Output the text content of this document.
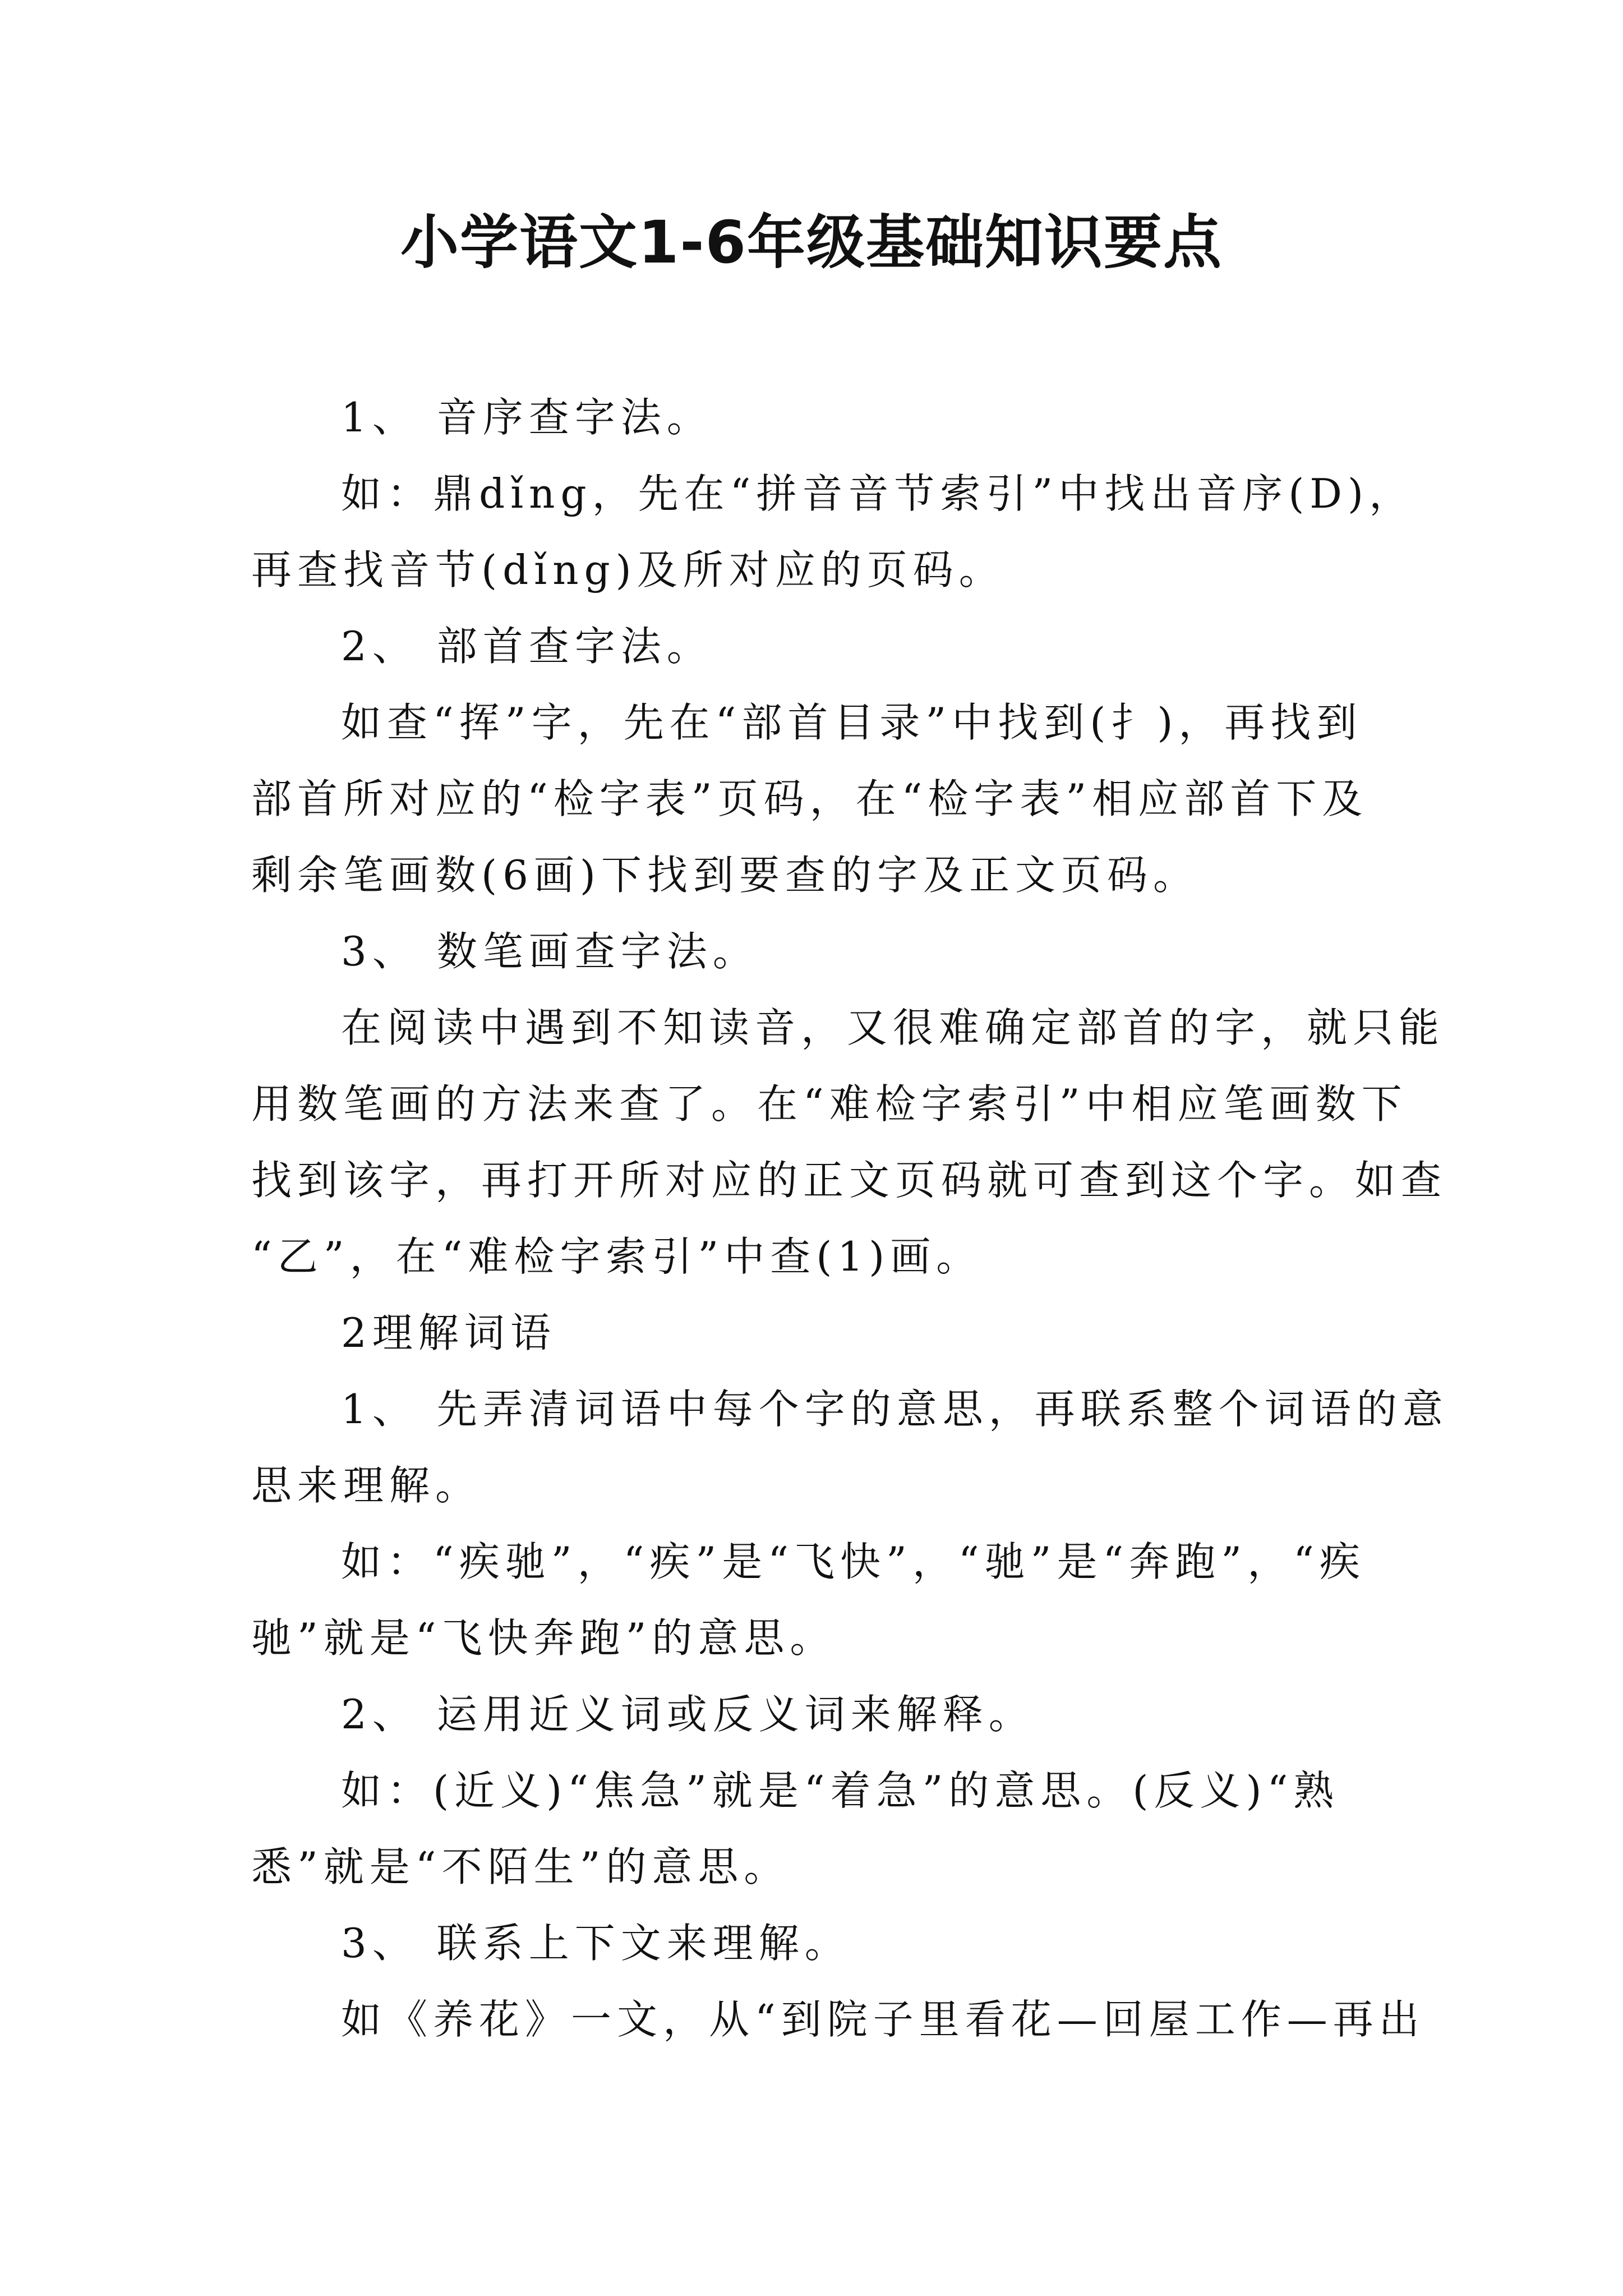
小学语文1-6年级基础知识要点
1、 音序查字法。
如：鼎dǐng，先在“拼音音节索引”中找出音序(D)，
再查找音节(dǐng)及所对应的页码。
2、 部首查字法。
如查“挥”字，先在“部首目录”中找到(扌)，再找到
部首所对应的“检字表”页码，在“检字表”相应部首下及
剩余笔画数(6画)下找到要查的字及正文页码。
3、 数笔画查字法。
在阅读中遇到不知读音，又很难确定部首的字，就只能
用数笔画的方法来查了。在“难检字索引”中相应笔画数下
找到该字，再打开所对应的正文页码就可查到这个字。如查
“乙”，在“难检字索引”中查(1)画。
2理解词语
1、 先弄清词语中每个字的意思，再联系整个词语的意
思来理解。
如：“疾驰”，“疾”是“飞快”，“驰”是“奔跑”，“疾
驰”就是“飞快奔跑”的意思。
2、 运用近义词或反义词来解释。
如：(近义)“焦急”就是“着急”的意思。(反义)“熟
悉”就是“不陌生”的意思。
3、 联系上下文来理解。
如《养花》一文，从“到院子里看花—回屋工作—再出
